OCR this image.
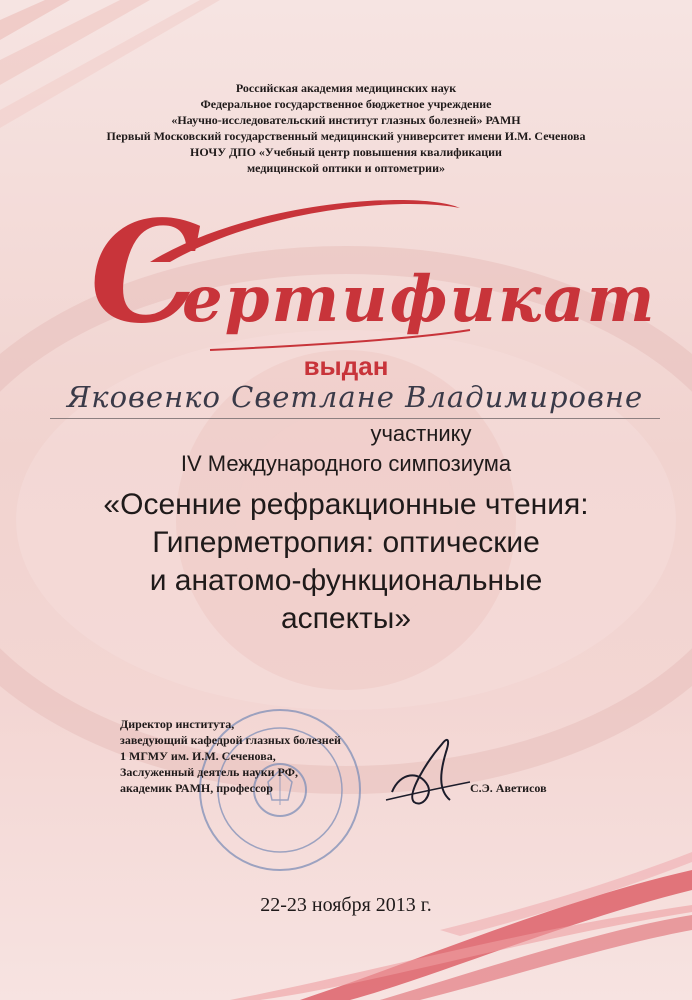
Российская академия медицинских наук
Федеральное государственное бюджетное учреждение
«Научно-исследовательский институт глазных болезней» РАМН
Первый Московский государственный медицинский университет имени И.М. Сеченова
НОЧУ ДПО «Учебный центр повышения квалификации
медицинской оптики и оптометрии»
С
ертификат
выдан
Яковенко Светлане Владимировне
участнику
IV Международного симпозиума
«Осенние рефракционные чтения:
Гиперметропия: оптические
и анатомо-функциональные
аспекты»
Директор института,
заведующий кафедрой глазных болезней
1 МГМУ им. И.М. Сеченова,
Заслуженный деятель науки РФ,
академик РАМН, профессор	С.Э. Аветисов
22-23 ноября 2013 г.
